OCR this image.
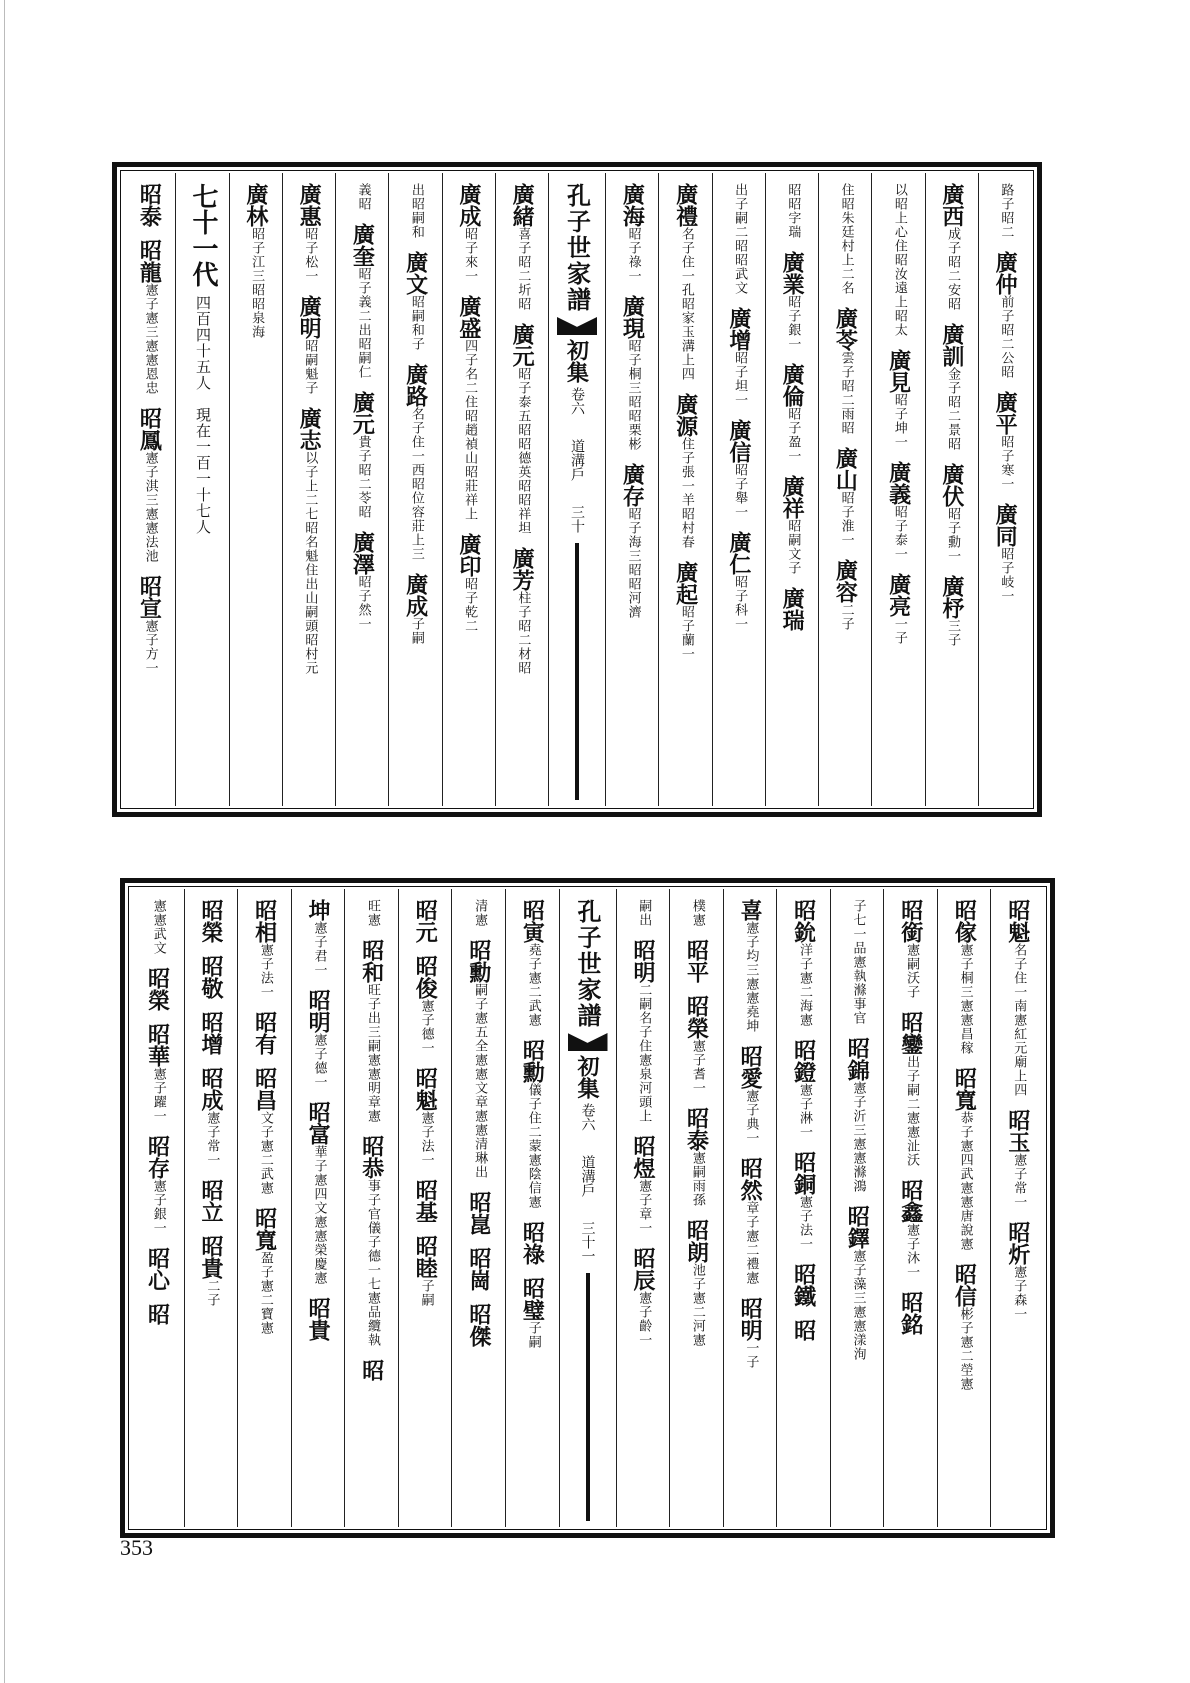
路子昭二
廣仲
前子昭二公昭
廣平
昭子寒一
廣同
昭子岐一
廣西
成子昭二安昭
廣訓
金子昭二景昭
廣伏
昭子勳一
廣杼
三子
以昭上心住昭汝遠上昭太
廣見
昭子坤一
廣義
昭子泰一
廣亮
一子
住昭朱廷村上二名
廣苓
雲子昭二雨昭
廣山
昭子淮一
廣容
二子
昭昭字瑞
廣業
昭子銀一
廣倫
昭子盈一
廣祥
昭嗣文子
廣瑞
出子嗣二昭昭武文
廣增
昭子坦一
廣信
昭子舉一
廣仁
昭子科一
廣禮
名子住一孔昭家玉溝上四
廣源
住子張一羊昭村春
廣起
昭子蘭一
廣海
昭子祿一
廣現
昭子桐三昭昭栗彬
廣存
昭子海三昭昭河濟
孔子世家譜
初集
卷六
道溝戶
三十
廣緒
喜子昭二圻昭
廣元
昭子泰五昭昭德英昭昭祥坦
廣芳
柱子昭二材昭
廣成
昭子來一
廣盛
四子名二住昭趙禎山昭莊祥上
廣印
昭子乾二
出昭嗣和
廣文
昭嗣和子
廣路
名子住一西昭位容莊上三
廣成
子嗣
義昭
廣奎
昭子義二出昭嗣仁
廣元
貴子昭二苓昭
廣澤
昭子然一
廣惠
昭子松一
廣明
昭嗣魁子
廣志
以子上二七昭名魁住出山嗣頭昭村元
廣林
昭子江三昭昭泉海
七十一代
四百四十五人　現在一百一十七人
昭泰
昭龍
憲子憲三憲憲恩忠
昭鳳
憲子淇三憲憲法池
昭宣
憲子方一
昭魁
名子住一南憲紅元廟上四
昭玉
憲子常一
昭炘
憲子森一
昭傢
憲子桐三憲憲昌稼
昭寬
恭子憲四武憲憲唐說憲
昭信
彬子憲二塋憲
昭銜
憲嗣沃子
昭鑾
出子嗣二憲憲沚沃
昭鑫
憲子沐一
昭銘
子七一品憲執滌事官
昭錦
憲子沂三憲憲滌鴻
昭鐸
憲子藻三憲憲漾洵
昭鈗
洋子憲二海憲
昭鐙
憲子淋一
昭銅
憲子法一
昭鐵
昭
喜
憲子均三憲憲堯坤
昭愛
憲子典一
昭然
章子憲二禮憲
昭明
一子
樸憲
昭平
昭榮
憲子耆一
昭泰
憲嗣雨孫
昭朗
池子憲二河憲
嗣出
昭明
二嗣名子住憲泉河頭上
昭煜
憲子章一
昭辰
憲子齡一
孔子世家譜
初集
卷六
道溝戶
三十一
昭寅
堯子憲二武憲
昭勳
儀子住二蒙憲陰信憲
昭祿
昭璧
子嗣
清憲
昭勳
嗣子憲五全憲憲文章憲憲清琳出
昭崑
昭崗
昭傑
昭元
昭俊
憲子德一
昭魁
憲子法一
昭基
昭睦
子嗣
旺憲
昭和
旺子出三嗣憲憲明章憲
昭恭
事子官儀子德一七憲品纜執
昭
坤
憲子君一
昭明
憲子德一
昭富
華子憲四文憲憲榮慶憲
昭貴
昭相
憲子法一
昭有
昭昌
文子憲二武憲
昭寬
盈子憲二寶憲
昭榮
昭敬
昭增
昭成
憲子常一
昭立
昭貴
二子
憲憲武文
昭榮
昭華
憲子躍一
昭存
憲子銀一
昭心
昭
353
